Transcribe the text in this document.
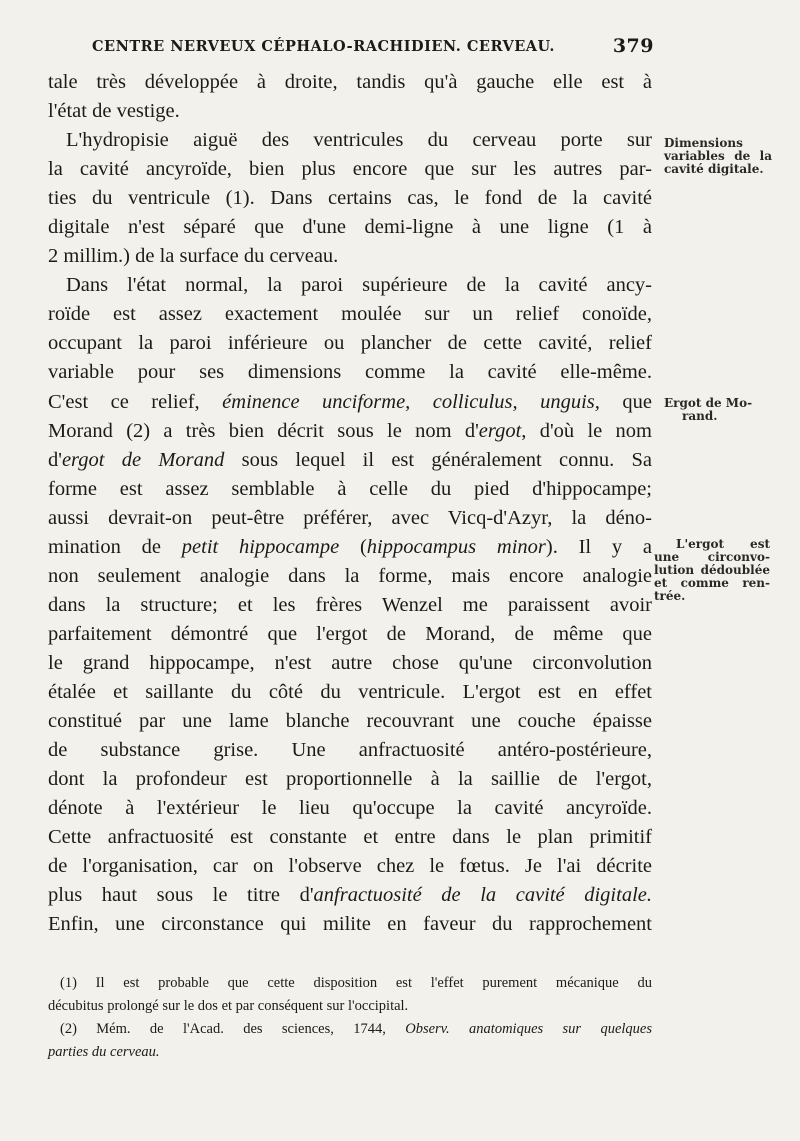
CENTRE NERVEUX CÉPHALO-RACHIDIEN. CERVEAU.	379
tale très développée à droite, tandis qu'à gauche elle est à
l'état de vestige.
L'hydropisie aiguë des ventricules du cerveau porte sur
la cavité ancyroïde, bien plus encore que sur les autres par-
ties du ventricule (1). Dans certains cas, le fond de la cavité
digitale n'est séparé que d'une demi-ligne à une ligne (1 à
2 millim.) de la surface du cerveau.
Dans l'état normal, la paroi supérieure de la cavité ancy-
roïde est assez exactement moulée sur un relief conoïde,
occupant la paroi inférieure ou plancher de cette cavité, relief
variable pour ses dimensions comme la cavité elle-même.
C'est ce relief, éminence unciforme, colliculus, unguis, que
Morand (2) a très bien décrit sous le nom d'ergot, d'où le nom
d'ergot de Morand sous lequel il est généralement connu. Sa
forme est assez semblable à celle du pied d'hippocampe;
aussi devrait-on peut-être préférer, avec Vicq-d'Azyr, la déno-
mination de petit hippocampe (hippocampus minor). Il y a
non seulement analogie dans la forme, mais encore analogie
dans la structure; et les frères Wenzel me paraissent avoir
parfaitement démontré que l'ergot de Morand, de même que
le grand hippocampe, n'est autre chose qu'une circonvolution
étalée et saillante du côté du ventricule. L'ergot est en effet
constitué par une lame blanche recouvrant une couche épaisse
de substance grise. Une anfractuosité antéro-postérieure,
dont la profondeur est proportionnelle à la saillie de l'ergot,
dénote à l'extérieur le lieu qu'occupe la cavité ancyroïde.
Cette anfractuosité est constante et entre dans le plan primitif
de l'organisation, car on l'observe chez le fœtus. Je l'ai décrite
plus haut sous le titre d'anfractuosité de la cavité digitale.
Enfin, une circonstance qui milite en faveur du rapprochement
Dimensions
variables de la
cavité digitale.
Ergot de Mo-
rand.
L'ergot est
une circonvo-
lution dédoublée
et comme ren-
trée.
(1) Il est probable que cette disposition est l'effet purement mécanique du
décubitus prolongé sur le dos et par conséquent sur l'occipital.
(2) Mém. de l'Acad. des sciences, 1744, Observ. anatomiques sur quelques
parties du cerveau.
